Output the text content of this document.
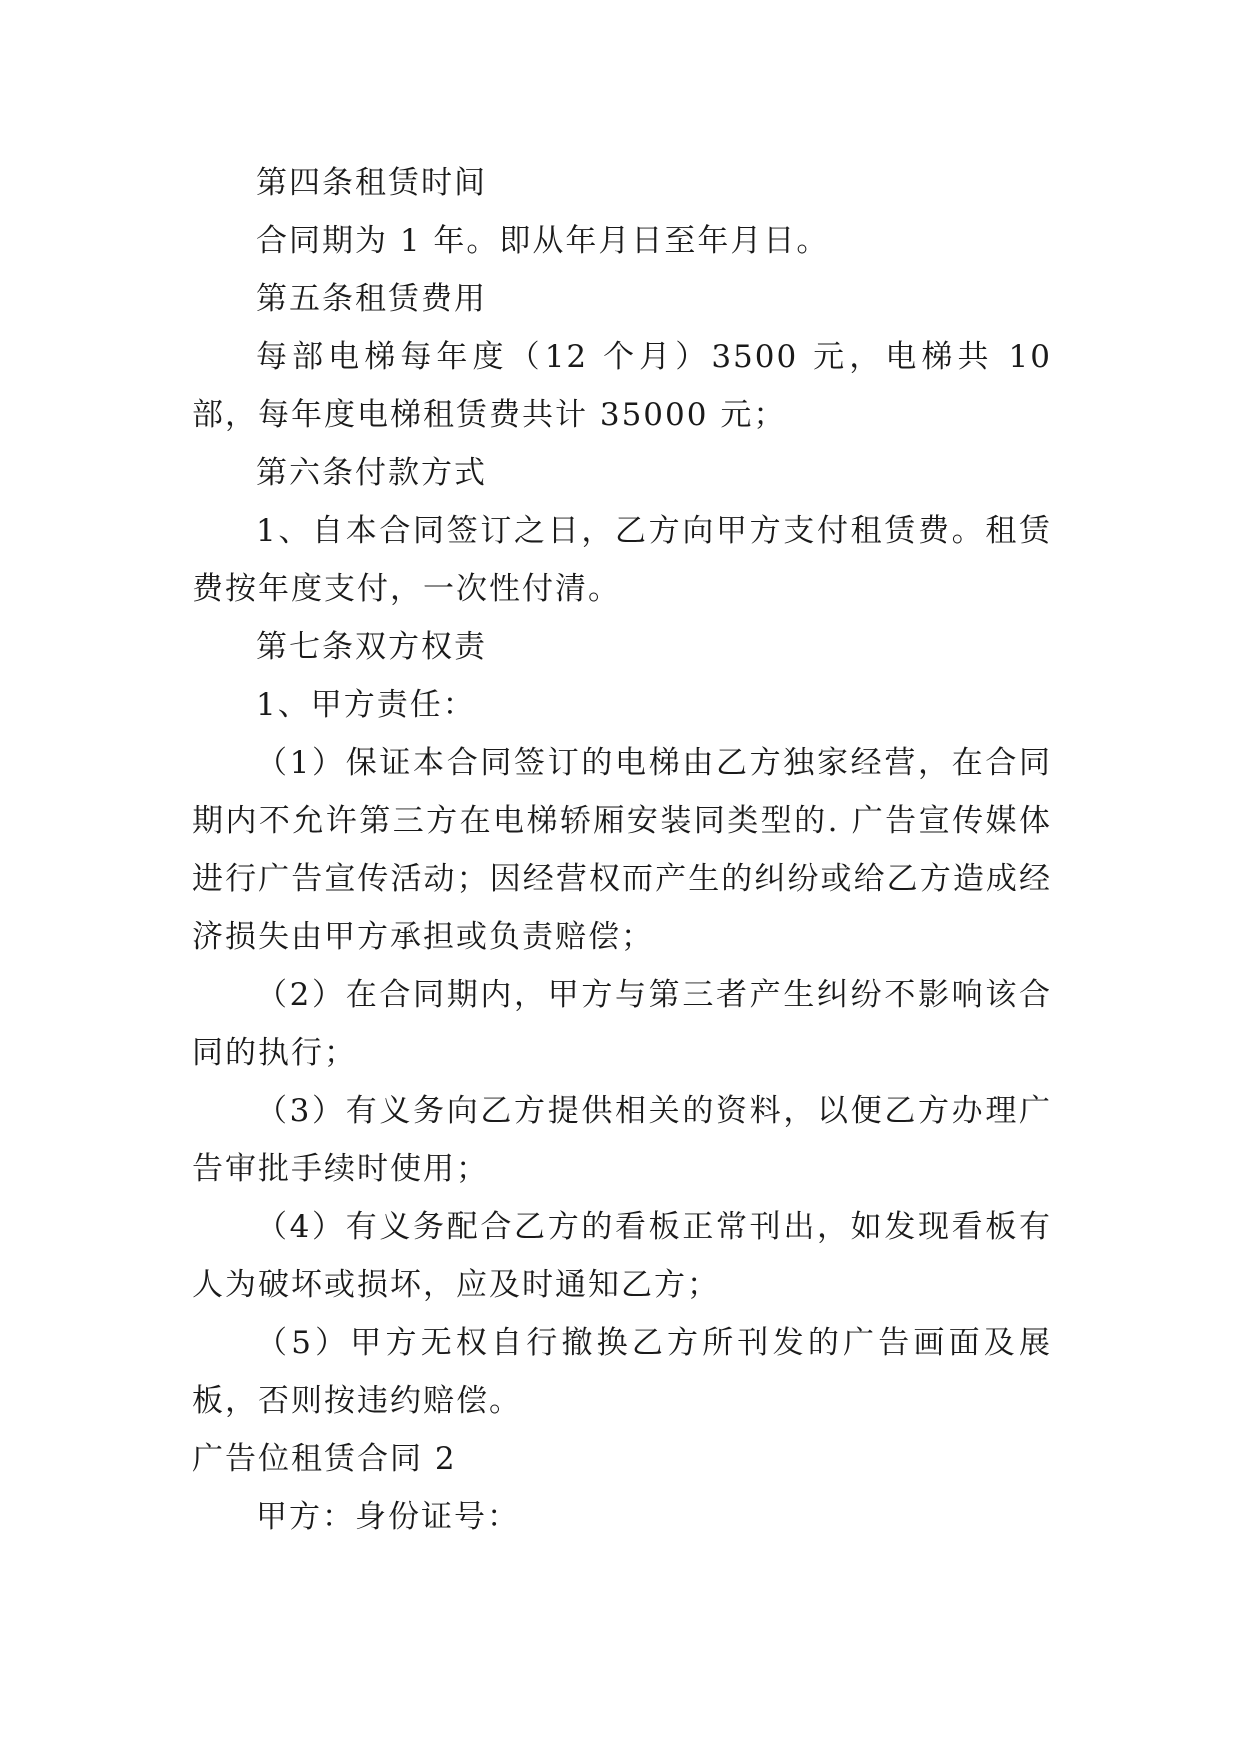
第四条租赁时间

合同期为 1 年。即从年月日至年月日。

第五条租赁费用

每部电梯每年度（12 个月）3500 元，电梯共 10 部，每年度电梯租赁费共计 35000 元；

第六条付款方式

1、自本合同签订之日，乙方向甲方支付租赁费。租赁费按年度支付，一次性付清。

第七条双方权责

1、甲方责任：

（1）保证本合同签订的电梯由乙方独家经营，在合同期内不允许第三方在电梯轿厢安装同类型的. 广告宣传媒体进行广告宣传活动；因经营权而产生的纠纷或给乙方造成经济损失由甲方承担或负责赔偿；

（2）在合同期内，甲方与第三者产生纠纷不影响该合同的执行；

（3）有义务向乙方提供相关的资料，以便乙方办理广告审批手续时使用；

（4）有义务配合乙方的看板正常刊出，如发现看板有人为破坏或损坏，应及时通知乙方；

（5）甲方无权自行撤换乙方所刊发的广告画面及展板，否则按违约赔偿。

广告位租赁合同 2

甲方：身份证号：
